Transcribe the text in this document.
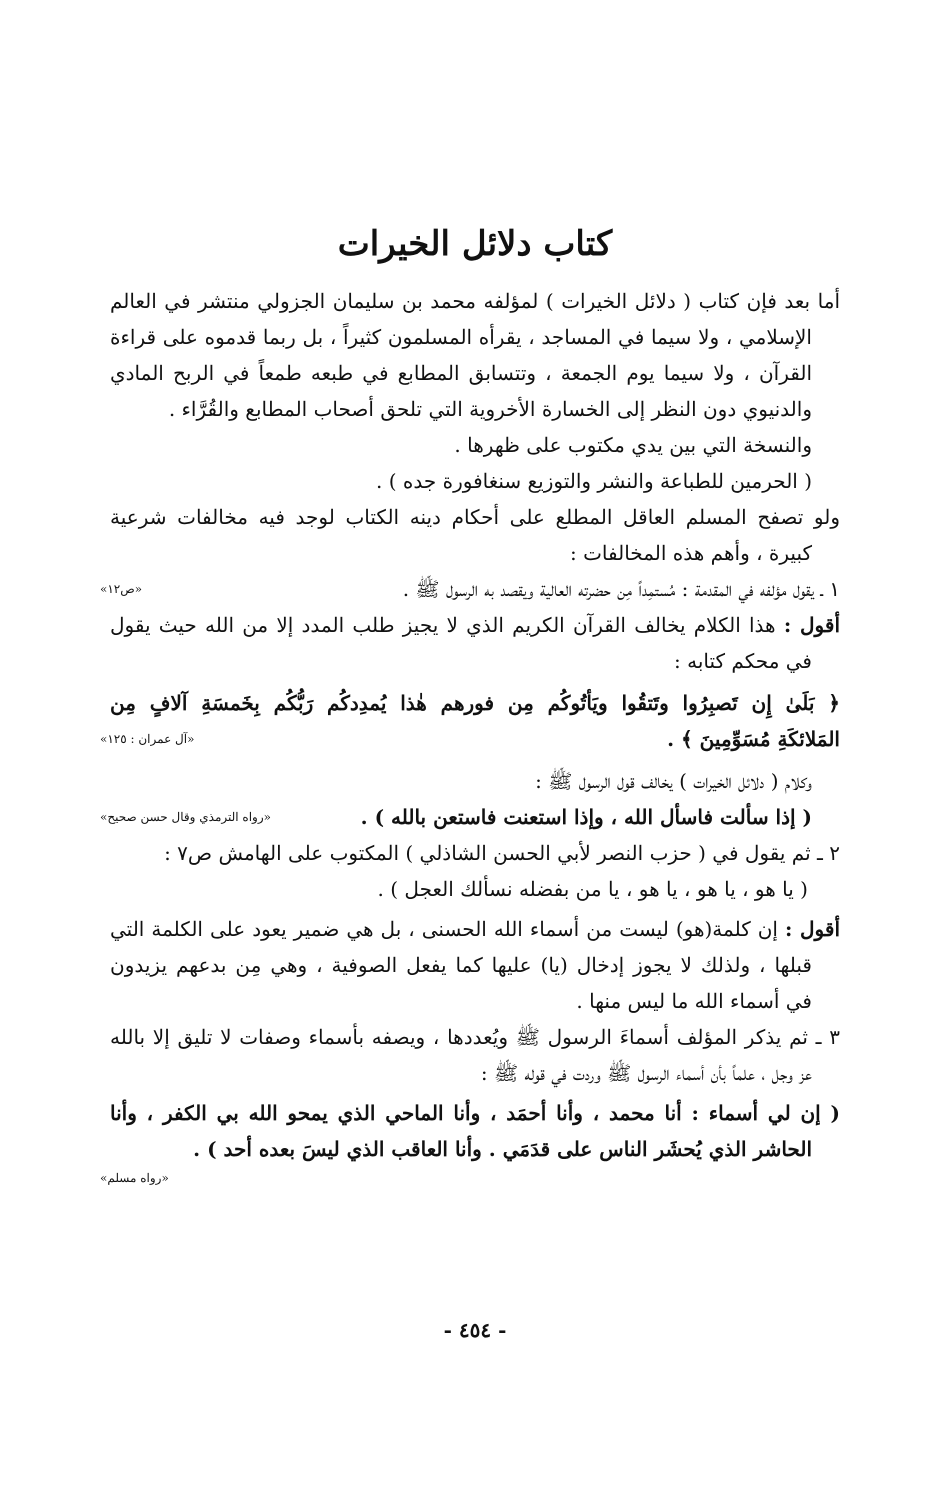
كتاب دلائل الخيرات
أما بعد فإن كتاب ( دلائل الخيرات ) لمؤلفه محمد بن سليمان الجزولي منتشر في العالم
الإسلامي ، ولا سيما في المساجد ، يقرأه المسلمون كثيراً ، بل ربما قدموه على قراءة
القرآن ، ولا سيما يوم الجمعة ، وتتسابق المطابع في طبعه طمعاً في الربح المادي
والدنيوي دون النظر إلى الخسارة الأخروية التي تلحق أصحاب المطابع والقُرَّاء .
والنسخة التي بين يدي مكتوب على ظهرها .
( الحرمين للطباعة والنشر والتوزيع سنغافورة جده ) .
ولو تصفح المسلم العاقل المطلع على أحكام دينه الكتاب لوجد فيه مخالفات شرعية
كبيرة ، وأهم هذه المخالفات :
١ ـ يقول مؤلفه في المقدمة : مُستمِداً مِن حضرته العالية ويقصد به الرسول ﷺ .
«ص١٢»
أقول : هذا الكلام يخالف القرآن الكريم الذي لا يجيز طلب المدد إلا من الله حيث يقول
في محكم كتابه :
﴿ بَلَىٰ إِن تَصبِرُوا وتَتقُوا ويَأتُوكُم مِن فورهم هٰذا يُمدِدكُم رَبُّكُم بِخَمسَةِ آلافٍ مِن
المَلائكَةِ مُسَوِّمِينَ ﴾ .
«آل عمران : ١٢٥»
وكلام ( دلائل الخيرات ) يخالف قول الرسول ﷺ :
( إذا سألت فاسأل الله ، وإذا استعنت فاستعن بالله ) .
«رواه الترمذي وقال حسن صحيح»
٢ ـ ثم يقول في ( حزب النصر لأبي الحسن الشاذلي ) المكتوب على الهامش ص٧ :
( يا هو ، يا هو ، يا هو ، يا من بفضله نسألك العجل ) .
أقول : إن كلمة(هو) ليست من أسماء الله الحسنى ، بل هي ضمير يعود على الكلمة التي
قبلها ، ولذلك لا يجوز إدخال (يا) عليها كما يفعل الصوفية ، وهي مِن بدعهم يزيدون
في أسماء الله ما ليس منها .
٣ ـ ثم يذكر المؤلف أسماءَ الرسول ﷺ ويُعددها ، ويصفه بأسماء وصفات لا تليق إلا بالله
عز وجل ، علماً بأن أسماء الرسول ﷺ وردت في قوله ﷺ :
( إن لي أسماء : أنا محمد ، وأنا أحمَد ، وأنا الماحي الذي يمحو الله بي الكفر ، وأنا
الحاشر الذي يُحشَر الناس على قدَمَي . وأنا العاقب الذي ليسَ بعده أحد ) .
«رواه مسلم»
- ٤٥٤ -
